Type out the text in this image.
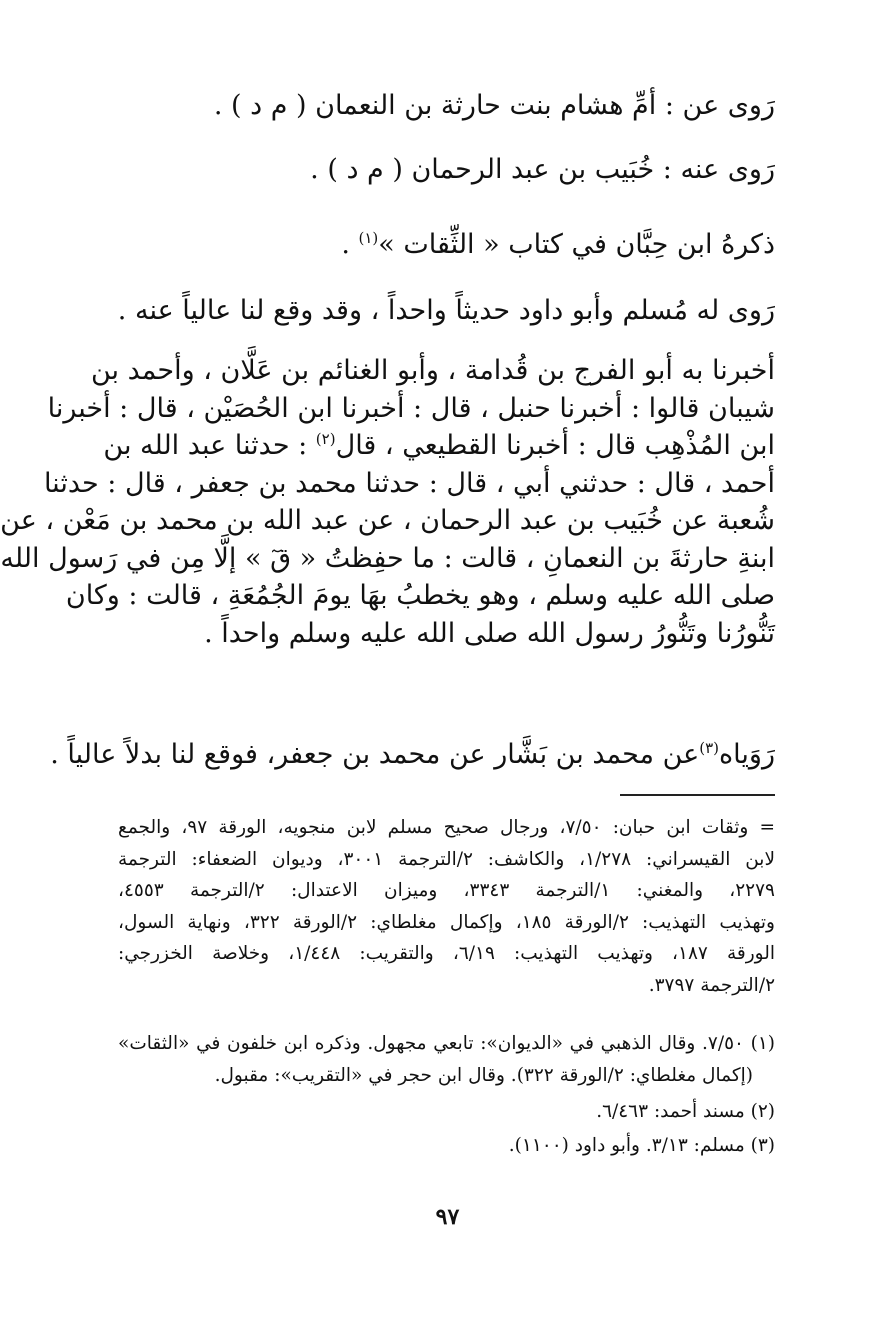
رَوى عن : أمِّ هشام بنت حارثة بن النعمان ( م د ) .
رَوى عنه : خُبَيب بن عبد الرحمان ( م د ) .
ذكرهُ ابن حِبَّان في كتاب « الثِّقات »$^{(١)}$ .
رَوى له مُسلم وأبو داود حديثاً واحداً ، وقد وقع لنا عالياً عنه .
أخبرنا به أبو الفرج بن قُدامة ، وأبو الغنائم بن عَلَّان ، وأحمد بن
شيبان قالوا : أخبرنا حنبل ، قال : أخبرنا ابن الحُصَيْن ، قال : أخبرنا
ابن المُذْهِب قال : أخبرنا القطيعي ، قال$^{(٢)}$ : حدثنا عبد الله بن
أحمد ، قال : حدثني أبي ، قال : حدثنا محمد بن جعفر ، قال : حدثنا
شُعبة عن خُبَيب بن عبد الرحمان ، عن عبد الله بن محمد بن مَعْن ، عن
ابنةِ حارثةَ بن النعمانِ ، قالت : ما حفِظتُ « قٓ » إلَّا مِن في رَسول الله
صلى الله عليه وسلم ، وهو يخطبُ بهَا يومَ الجُمُعَةِ ، قالت : وكان
تَنُّورُنا وتَنُّورُ رسول الله صلى الله عليه وسلم واحداً .
رَوَياه$^{(٣)}$عن محمد بن بَشَّار عن محمد بن جعفر، فوقع لنا بدلاً عالياً .
= وثقات ابن حبان: ٧/٥٠، ورجال صحيح مسلم لابن منجويه، الورقة ٩٧، والجمع
لابن القيسراني: ١/٢٧٨، والكاشف: ٢/الترجمة ٣٠٠١، وديوان الضعفاء: الترجمة
٢٢٧٩، والمغني: ١/الترجمة ٣٣٤٣، وميزان الاعتدال: ٢/الترجمة ٤٥٥٣،
وتهذيب التهذيب: ٢/الورقة ١٨٥، وإكمال مغلطاي: ٢/الورقة ٣٢٢، ونهاية السول،
الورقة ١٨٧، وتهذيب التهذيب: ٦/١٩، والتقريب: ١/٤٤٨، وخلاصة الخزرجي:
٢/الترجمة ٣٧٩٧.
(١) ٧/٥٠. وقال الذهبي في «الديوان»: تابعي مجهول. وذكره ابن خلفون في «الثقات»
(إكمال مغلطاي: ٢/الورقة ٣٢٢). وقال ابن حجر في «التقريب»: مقبول.
(٢) مسند أحمد: ٦/٤٦٣.
(٣) مسلم: ٣/١٣. وأبو داود (١١٠٠).
٩٧
